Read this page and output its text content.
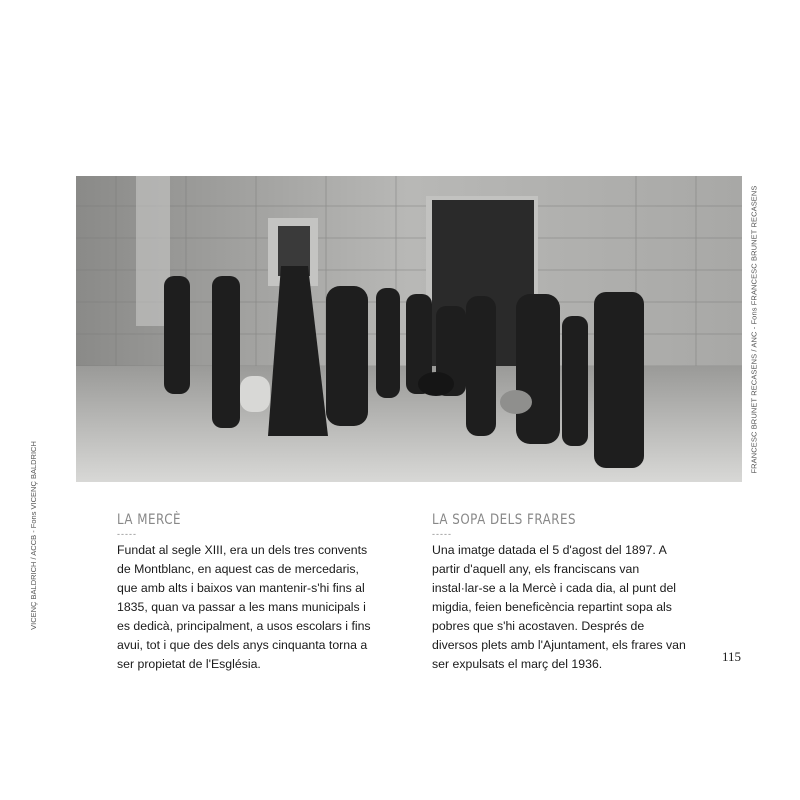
FRANCESC BRUNET RECASENS / ANC - Fons FRANCESC BRUNET RECASENS
VICENÇ BALDRICH / ACCB - Fons VICENÇ BALDRICH	LA MERCÈ
-----
Fundat al segle XIII, era un dels tres convents de Montblanc, en aquest cas de mercedaris, que amb alts i baixos van mantenir-s'hi fins al 1835, quan va passar a les mans municipals i es dedicà, principalment, a usos escolars i fins avui, tot i que des dels anys cinquanta torna a ser propietat de l'Església.
LA SOPA DELS FRARES
-----
Una imatge datada el 5 d'agost del 1897. A partir d'aquell any, els franciscans van instal·lar-se a la Mercè i cada dia, al punt del migdia, feien beneficència repartint sopa als pobres que s'hi acostaven. Després de diversos plets amb l'Ajuntament, els frares van ser expulsats el març del 1936.	115
